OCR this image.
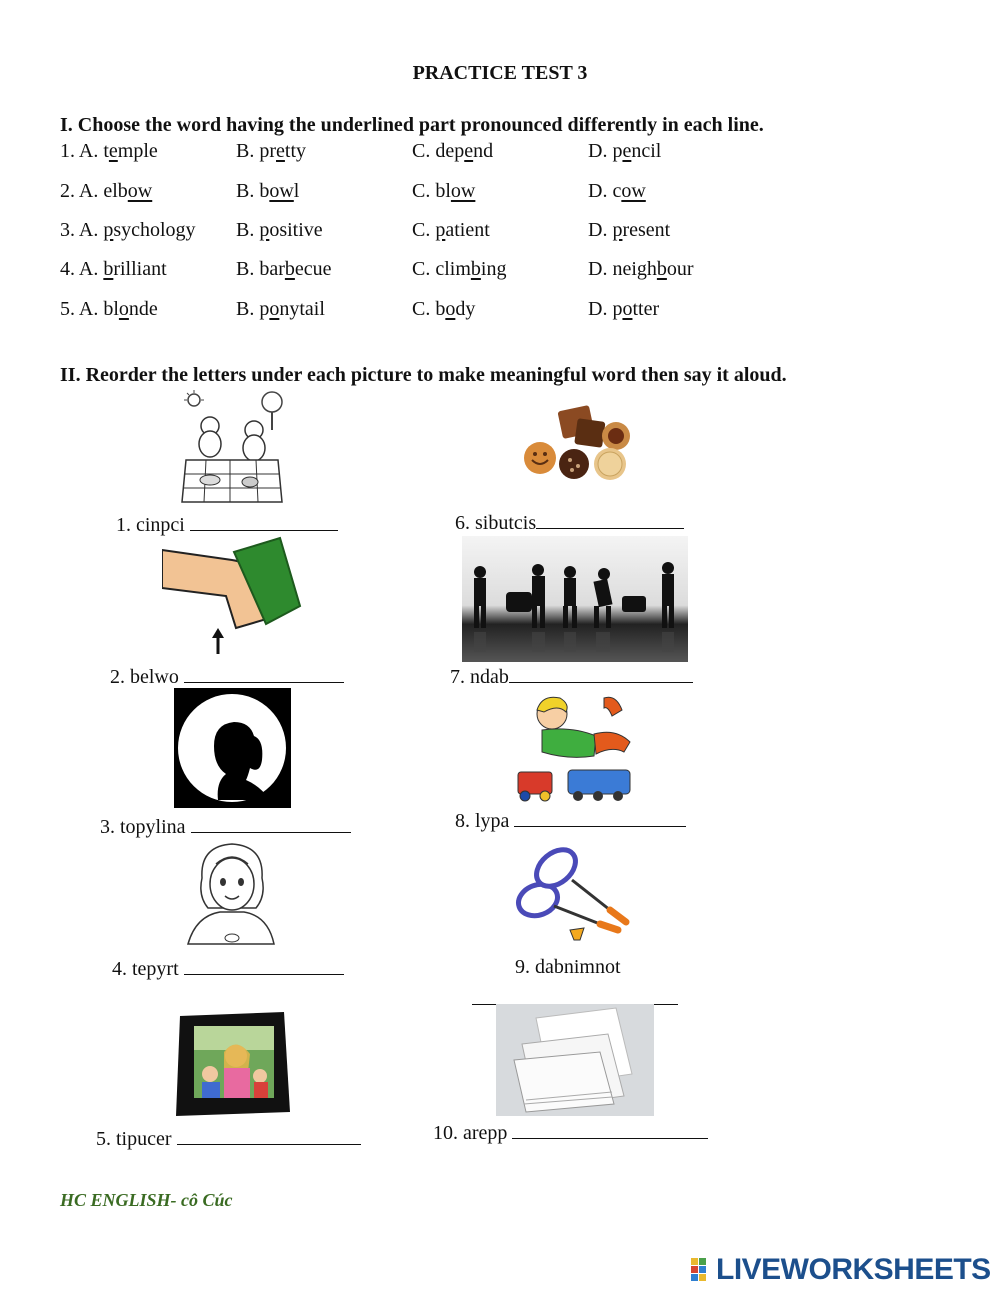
PRACTICE TEST 3
I. Choose the word having the underlined part pronounced differently in each line.
1. A. temple	B. pretty	C. depend	D. pencil
2. A. elbow	B. bowl	C. blow	D. cow
3. A. psychology B. positive	C. patient	D. present
4. A. brilliant	B. barbecue	C. climbing	D. neighbour
5. A. blonde	B. ponytail	C. body	D. potter
II. Reorder the letters under each picture to make meaningful word then say it aloud.
1. cinpci	6. sibutcis
2. belwo	7. ndab
3. topylina	8. lypa
4. tepyrt	9. dabnimnot
5. tipucer	10. arepp
HC ENGLISH- cô Cúc
LIVEWORKSHEETS
